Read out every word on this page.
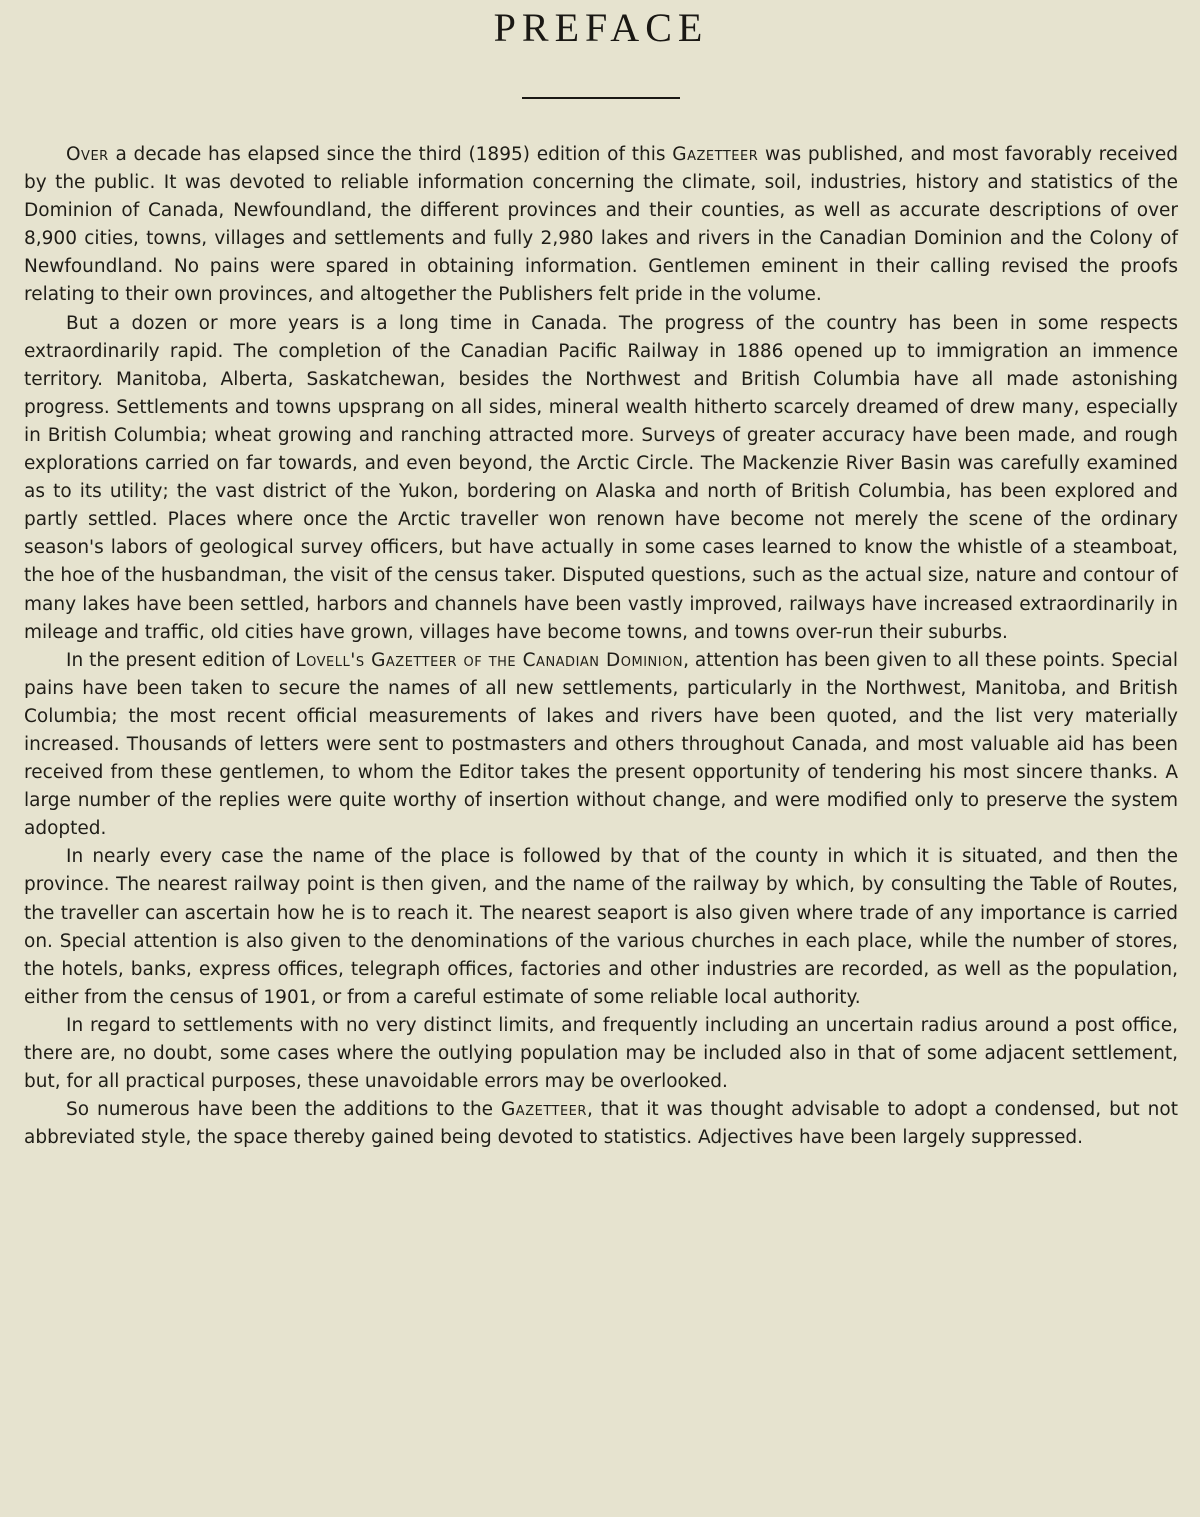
PREFACE

Over a decade has elapsed since the third (1895) edition of this Gazetteer was published, and most favorably received by the public. It was devoted to reliable information concerning the climate, soil, industries, history and statistics of the Dominion of Canada, Newfoundland, the different provinces and their counties, as well as accurate descriptions of over 8,900 cities, towns, villages and settlements and fully 2,980 lakes and rivers in the Canadian Dominion and the Colony of Newfoundland. No pains were spared in obtaining information. Gentlemen eminent in their calling revised the proofs relating to their own provinces, and altogether the Publishers felt pride in the volume.

But a dozen or more years is a long time in Canada. The progress of the country has been in some respects extraordinarily rapid. The completion of the Canadian Pacific Railway in 1886 opened up to immigration an immence territory. Manitoba, Alberta, Saskatchewan, besides the Northwest and British Columbia have all made astonishing progress. Settlements and towns upsprang on all sides, mineral wealth hitherto scarcely dreamed of drew many, especially in British Columbia; wheat growing and ranching attracted more. Surveys of greater accuracy have been made, and rough explorations carried on far towards, and even beyond, the Arctic Circle. The Mackenzie River Basin was carefully examined as to its utility; the vast district of the Yukon, bordering on Alaska and north of British Columbia, has been explored and partly settled. Places where once the Arctic traveller won renown have become not merely the scene of the ordinary season's labors of geological survey officers, but have actually in some cases learned to know the whistle of a steamboat, the hoe of the husbandman, the visit of the census taker. Disputed questions, such as the actual size, nature and contour of many lakes have been settled, harbors and channels have been vastly improved, railways have increased extraordinarily in mileage and traffic, old cities have grown, villages have become towns, and towns over-run their suburbs.

In the present edition of Lovell's Gazetteer of the Canadian Dominion, attention has been given to all these points. Special pains have been taken to secure the names of all new settlements, particularly in the Northwest, Manitoba, and British Columbia; the most recent official measurements of lakes and rivers have been quoted, and the list very materially increased. Thousands of letters were sent to postmasters and others throughout Canada, and most valuable aid has been received from these gentlemen, to whom the Editor takes the present opportunity of tendering his most sincere thanks. A large number of the replies were quite worthy of insertion without change, and were modified only to preserve the system adopted.

In nearly every case the name of the place is followed by that of the county in which it is situated, and then the province. The nearest railway point is then given, and the name of the railway by which, by consulting the Table of Routes, the traveller can ascertain how he is to reach it. The nearest seaport is also given where trade of any importance is carried on. Special attention is also given to the denominations of the various churches in each place, while the number of stores, the hotels, banks, express offices, telegraph offices, factories and other industries are recorded, as well as the population, either from the census of 1901, or from a careful estimate of some reliable local authority.

In regard to settlements with no very distinct limits, and frequently including an uncertain radius around a post office, there are, no doubt, some cases where the outlying population may be included also in that of some adjacent settlement, but, for all practical purposes, these unavoidable errors may be overlooked.

So numerous have been the additions to the Gazetteer, that it was thought advisable to adopt a condensed, but not abbreviated style, the space thereby gained being devoted to statistics. Adjectives have been largely suppressed.
